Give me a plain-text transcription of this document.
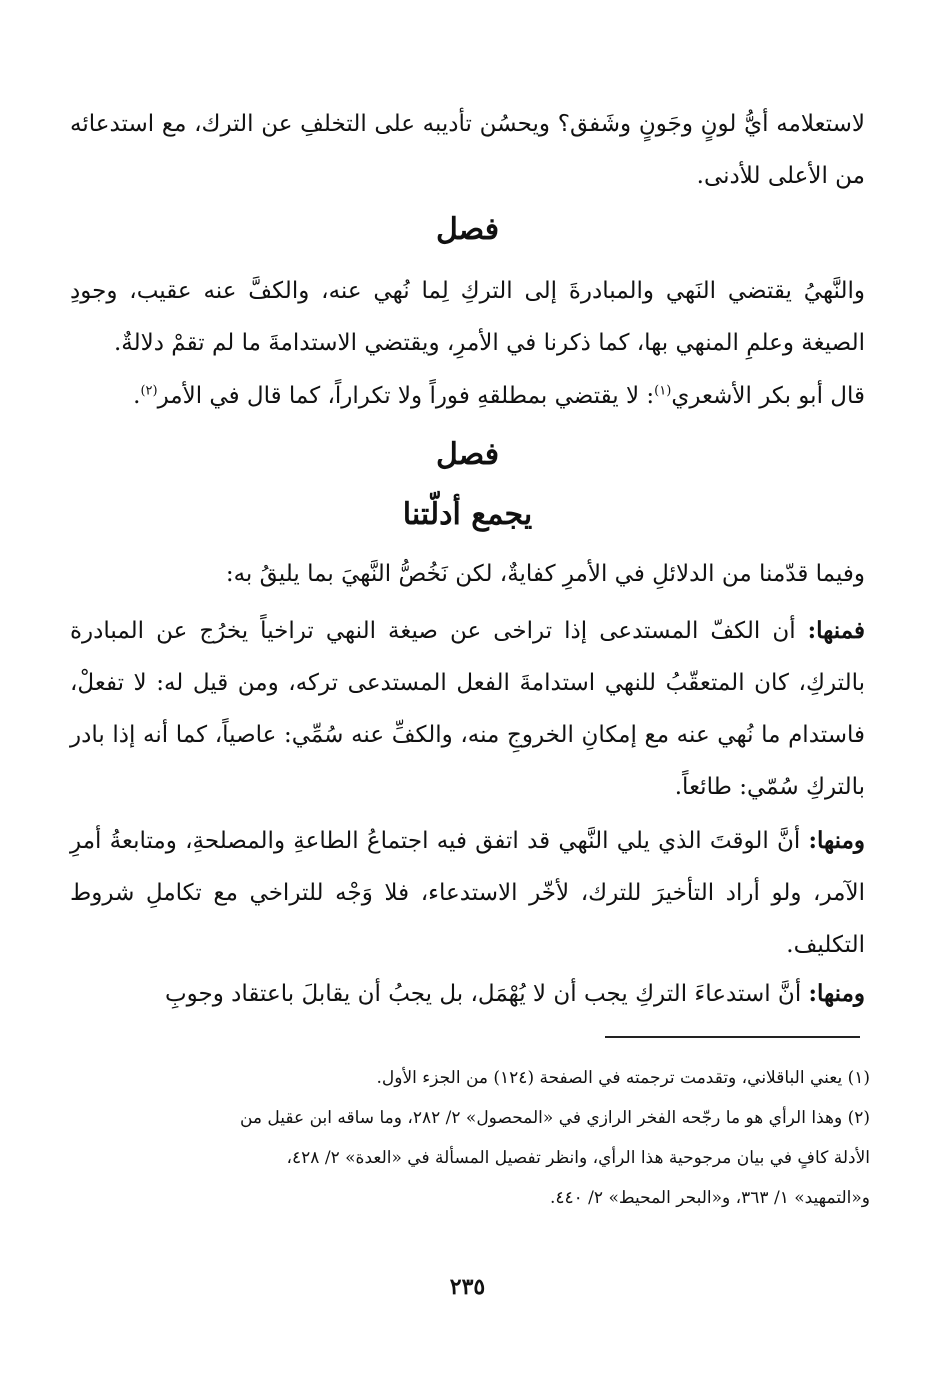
لاستعلامه أيُّ لونٍ وجَونٍ وشَفق؟ ويحسُن تأديبه على التخلفِ عن الترك، مع استدعائه من الأعلى للأدنى.

فصل

والنَّهيُ يقتضي النَهي والمبادرةَ إلى التركِ لِما نُهي عنه، والكفَّ عنه عقيب، وجودِ الصيغة وعلمِ المنهي بها، كما ذكرنا في الأمرِ، ويقتضي الاستدامةَ ما لم تقمْ دلالةٌ.

قال أبو بكر الأشعري$^{(١)}$: لا يقتضي بمطلقهِ فوراً ولا تكراراً، كما قال في الأمر$^{(٢)}$.

فصل
يجمع أدلّتنا

وفيما قدّمنا من الدلائلِ في الأمرِ كفايةٌ، لكن نَخُصُّ النَّهيَ بما يليقُ به:

فمنها: أن الكفّ المستدعى إذا تراخى عن صيغة النهي تراخياً يخرُج عن المبادرة بالتركِ، كان المتعقّبُ للنهي استدامةَ الفعل المستدعى تركه، ومن قيل له: لا تفعلْ، فاستدام ما نُهي عنه مع إمكانِ الخروجِ منه، والكفِّ عنه سُمِّي: عاصياً، كما أنه إذا بادر بالتركِ سُمّي: طائعاً.

ومنها: أنَّ الوقتَ الذي يلي النَّهي قد اتفق فيه اجتماعُ الطاعةِ والمصلحةِ، ومتابعةُ أمرِ الآمر، ولو أراد التأخيرَ للترك، لأخّر الاستدعاء، فلا وَجْه للتراخي مع تكاملِ شروط التكليف.

ومنها: أنَّ استدعاءَ التركِ يجب أن لا يُهْمَل، بل يجبُ أن يقابلَ باعتقاد وجوبِ

(١) يعني الباقلاني، وتقدمت ترجمته في الصفحة (١٢٤) من الجزء الأول.

(٢) وهذا الرأي هو ما رجّحه الفخر الرازي في «المحصول» ٢/ ٢٨٢، وما ساقه ابن عقيل من

الأدلة كافٍ في بيان مرجوحية هذا الرأي، وانظر تفصيل المسألة في «العدة» ٢/ ٤٢٨،

و«التمهيد» ١/ ٣٦٣، و«البحر المحيط» ٢/ ٤٤٠.

٢٣٥
